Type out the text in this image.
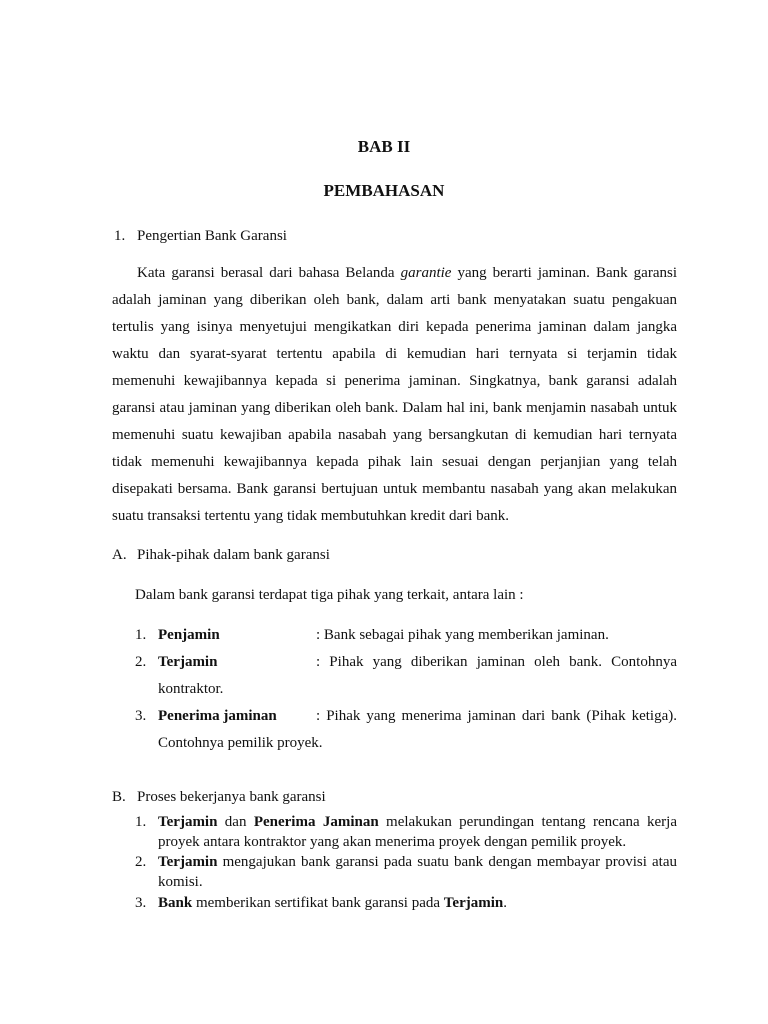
BAB II
PEMBAHASAN
1. Pengertian Bank Garansi
Kata garansi berasal dari bahasa Belanda garantie yang berarti jaminan. Bank garansi
adalah jaminan yang diberikan oleh bank, dalam arti bank menyatakan suatu pengakuan
tertulis yang isinya menyetujui mengikatkan diri kepada penerima jaminan dalam jangka
waktu dan syarat-syarat tertentu apabila di kemudian hari ternyata si terjamin tidak
memenuhi kewajibannya kepada si penerima jaminan. Singkatnya, bank garansi adalah
garansi atau jaminan yang diberikan oleh bank. Dalam hal ini, bank menjamin nasabah untuk
memenuhi suatu kewajiban apabila nasabah yang bersangkutan di kemudian hari ternyata
tidak memenuhi kewajibannya kepada pihak lain sesuai dengan perjanjian yang telah
disepakati bersama. Bank garansi bertujuan untuk membantu nasabah yang akan melakukan
suatu transaksi tertentu yang tidak membutuhkan kredit dari bank.
A. Pihak-pihak dalam bank garansi
Dalam bank garansi terdapat tiga pihak yang terkait, antara lain :
1. Penjamin	: Bank sebagai pihak yang memberikan jaminan.
2. Terjamin	: Pihak yang diberikan jaminan oleh bank. Contohnya
kontraktor.
3. Penerima jaminan	: Pihak yang menerima jaminan dari bank (Pihak ketiga).
Contohnya pemilik proyek.
B. Proses bekerjanya bank garansi
1. Terjamin dan Penerima Jaminan melakukan perundingan tentang rencana kerja
proyek antara kontraktor yang akan menerima proyek dengan pemilik proyek.
2. Terjamin mengajukan bank garansi pada suatu bank dengan membayar provisi atau
komisi.
3. Bank memberikan sertifikat bank garansi pada Terjamin.
